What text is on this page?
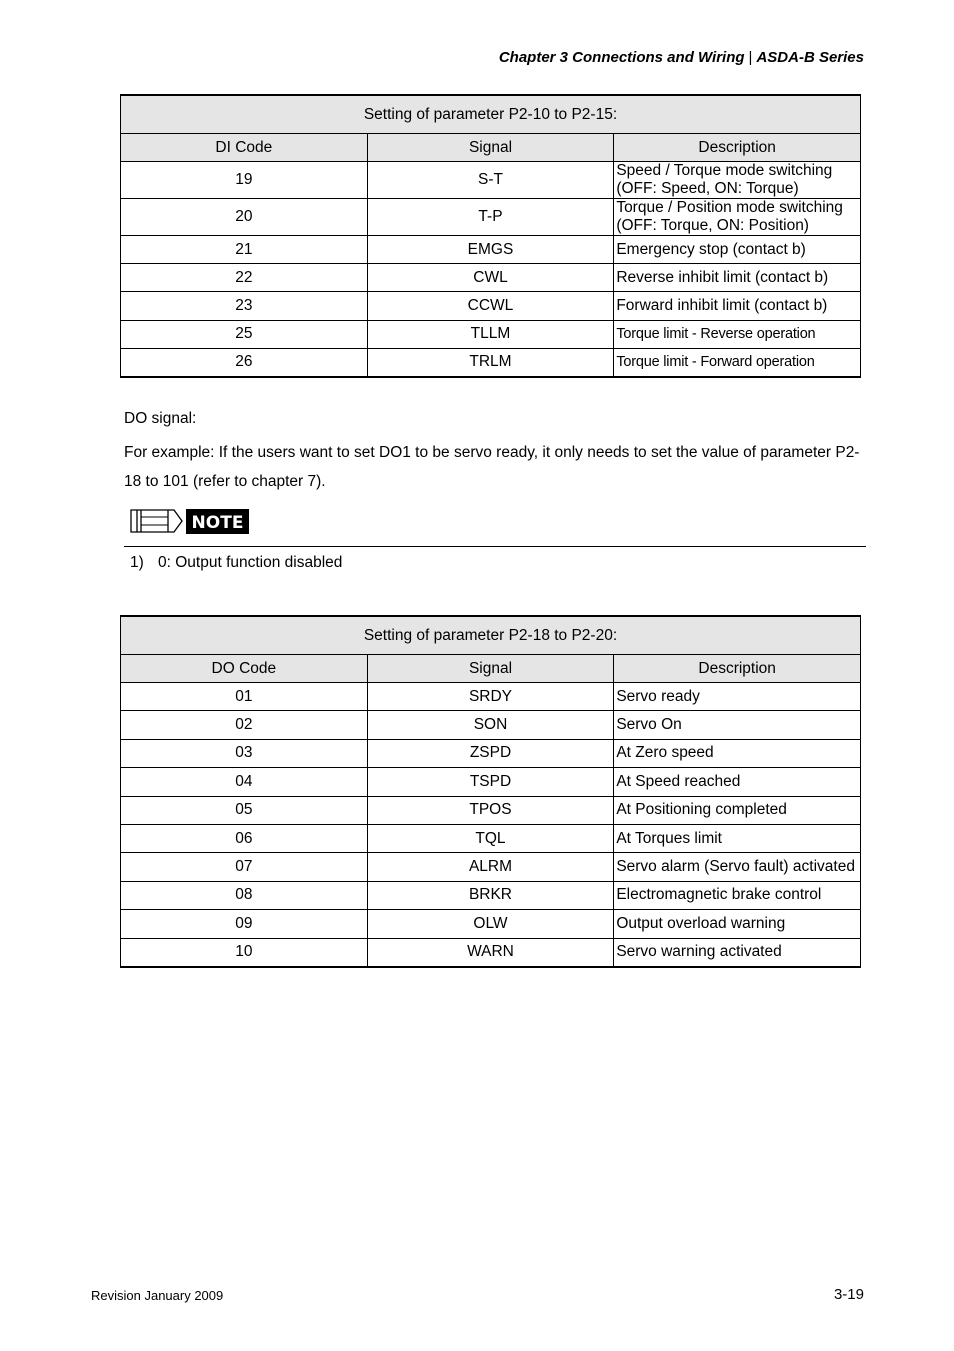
Chapter 3 Connections and Wiring | ASDA-B Series
Setting of parameter P2-10 to P2-15:		
DI Code	Signal	Description
19	S-T	Speed / Torque mode switching (OFF: Speed, ON: Torque)
20	T-P	Torque / Position mode switching (OFF: Torque, ON: Position)
21	EMGS	Emergency stop (contact b)
22	CWL	Reverse inhibit limit (contact b)
23	CCWL	Forward inhibit limit (contact b)
25	TLLM	Torque limit - Reverse operation
26	TRLM	Torque limit - Forward operation
DO signal:
For example: If the users want to set DO1 to be servo ready, it only needs to set the value of parameter P2-18 to 101 (refer to chapter 7).
NOTE
1) 0: Output function disabled
Setting of parameter P2-18 to P2-20:		
DO Code	Signal	Description
01	SRDY	Servo ready
02	SON	Servo On
03	ZSPD	At Zero speed
04	TSPD	At Speed reached
05	TPOS	At Positioning completed
06	TQL	At Torques limit
07	ALRM	Servo alarm (Servo fault) activated
08	BRKR	Electromagnetic brake control
09	OLW	Output overload warning
10	WARN	Servo warning activated
Revision January 2009	3-19
